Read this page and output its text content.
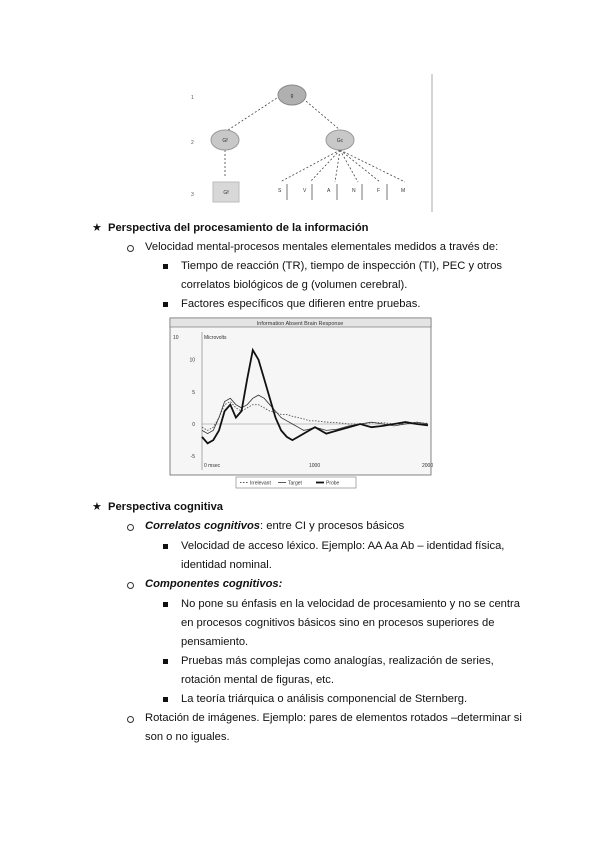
1
2
3
g
Gf	Gc
Gf	S	V	A	N	F	M
★ Perspectiva del procesamiento de la información
Velocidad mental-procesos mentales elementales medidos a través de:
Tiempo de reacción (TR), tiempo de inspección (TI), PEC y otros
correlatos biológicos de g (volumen cerebral).
Factores específicos que difieren entre pruebas.
Information Absent Brain Response
Microvolts
10
10
5
0
-5
0 msec	1000	2000
Irrelevant	Target	Probe
★ Perspectiva cognitiva
Correlatos cognitivos: entre CI y procesos básicos
Velocidad de acceso léxico. Ejemplo: AA Aa Ab – identidad física,
identidad nominal.
Componentes cognitivos:
No pone su énfasis en la velocidad de procesamiento y no se centra
en procesos cognitivos básicos sino en procesos superiores de
pensamiento.
Pruebas más complejas como analogías, realización de series,
rotación mental de figuras, etc.
La teoría triárquica o análisis componencial de Sternberg.
Rotación de imágenes. Ejemplo: pares de elementos rotados –determinar si
son o no iguales.
